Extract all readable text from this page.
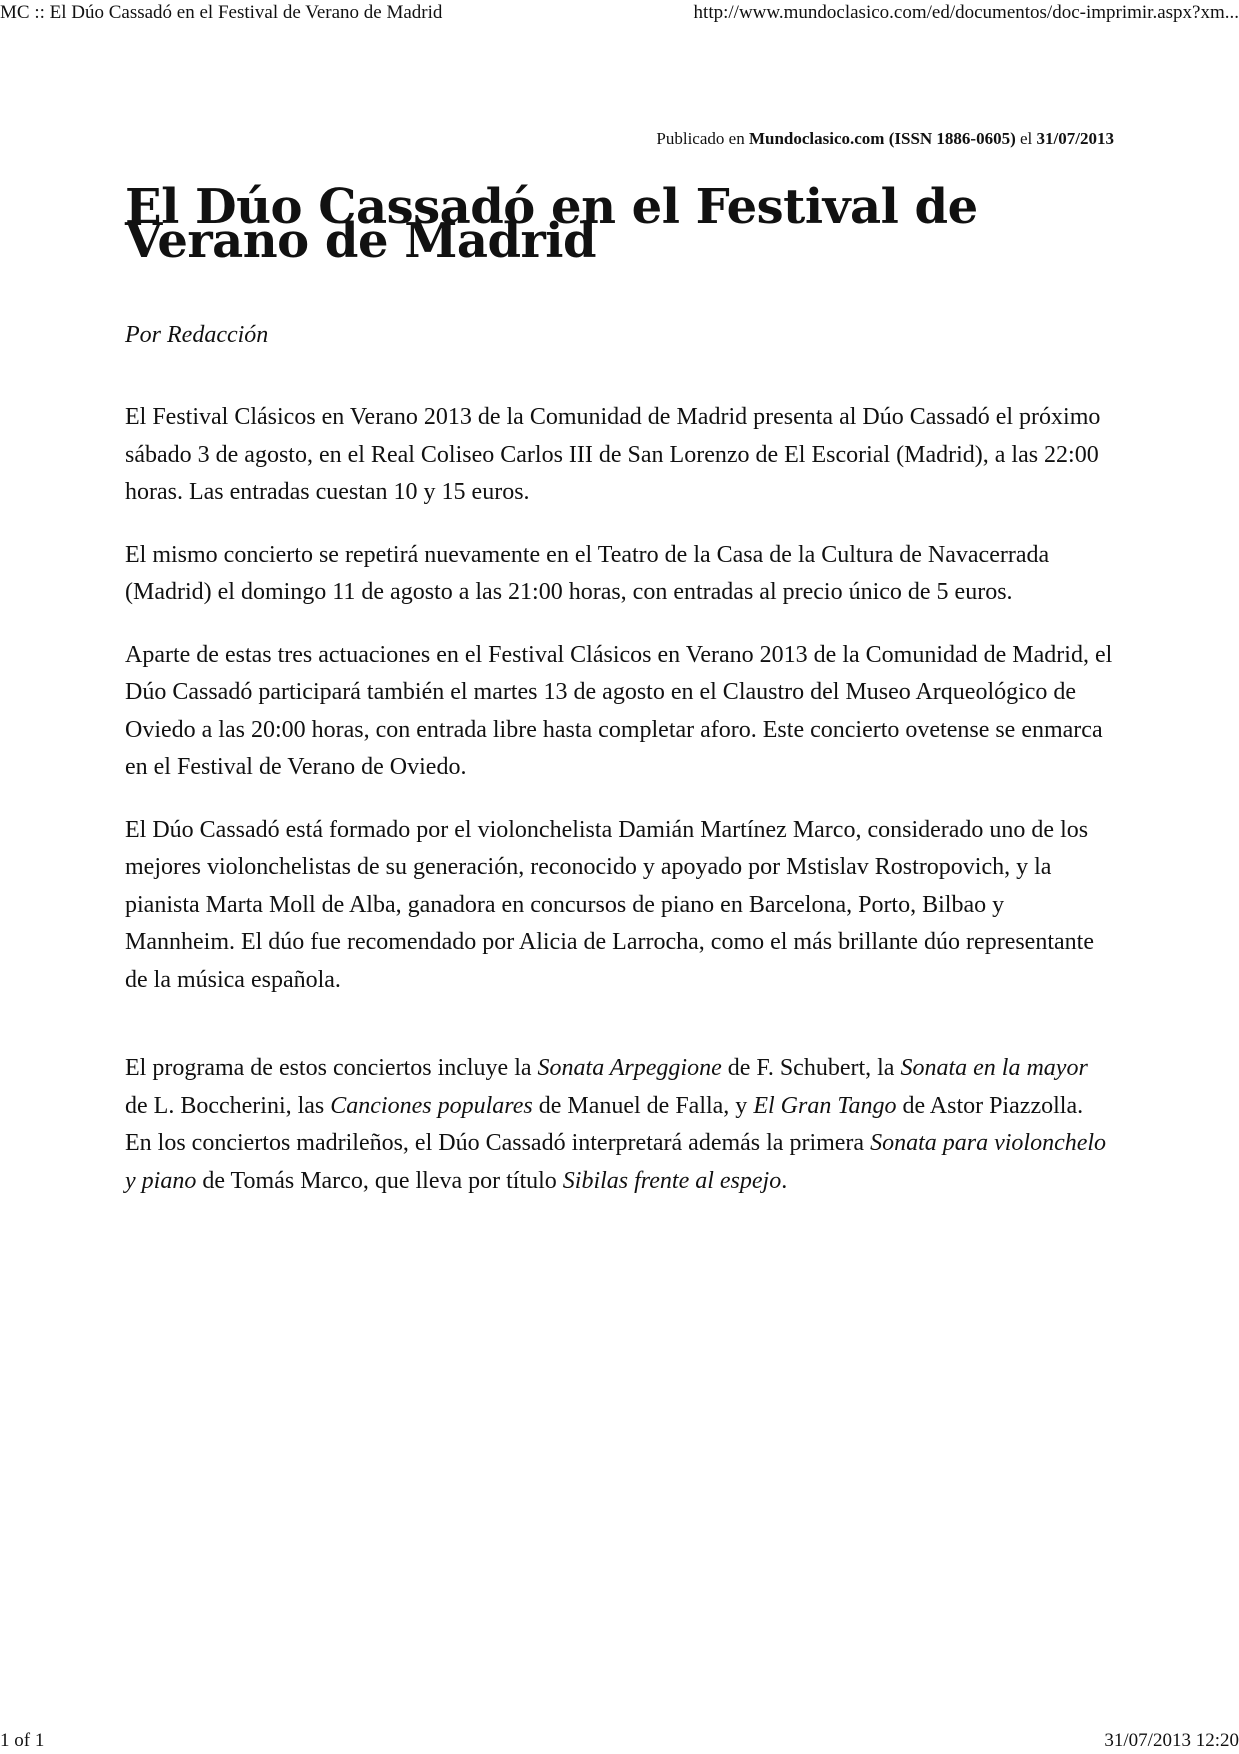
MC :: El Dúo Cassadó en el Festival de Verano de Madrid	http://www.mundoclasico.com/ed/documentos/doc-imprimir.aspx?xm...
Publicado en Mundoclasico.com (ISSN 1886-0605) el 31/07/2013
El Dúo Cassadó en el Festival de Verano de Madrid
Por Redacción

El Festival Clásicos en Verano 2013 de la Comunidad de Madrid presenta al Dúo Cassadó el próximo sábado 3 de agosto, en el Real Coliseo Carlos III de San Lorenzo de El Escorial (Madrid), a las 22:00 horas. Las entradas cuestan 10 y 15 euros.

El mismo concierto se repetirá nuevamente en el Teatro de la Casa de la Cultura de Navacerrada (Madrid) el domingo 11 de agosto a las 21:00 horas, con entradas al precio único de 5 euros.

Aparte de estas tres actuaciones en el Festival Clásicos en Verano 2013 de la Comunidad de Madrid, el Dúo Cassadó participará también el martes 13 de agosto en el Claustro del Museo Arqueológico de Oviedo a las 20:00 horas, con entrada libre hasta completar aforo. Este concierto ovetense se enmarca en el Festival de Verano de Oviedo.

El Dúo Cassadó está formado por el violonchelista Damián Martínez Marco, considerado uno de los mejores violonchelistas de su generación, reconocido y apoyado por Mstislav Rostropovich, y la pianista Marta Moll de Alba, ganadora en concursos de piano en Barcelona, Porto, Bilbao y Mannheim. El dúo fue recomendado por Alicia de Larrocha, como el más brillante dúo representante de la música española.

El programa de estos conciertos incluye la Sonata Arpeggione de F. Schubert, la Sonata en la mayor de L. Boccherini, las Canciones populares de Manuel de Falla, y El Gran Tango de Astor Piazzolla. En los conciertos madrileños, el Dúo Cassadó interpretará además la primera Sonata para violonchelo y piano de Tomás Marco, que lleva por título Sibilas frente al espejo.

1 of 1	31/07/2013 12:20
